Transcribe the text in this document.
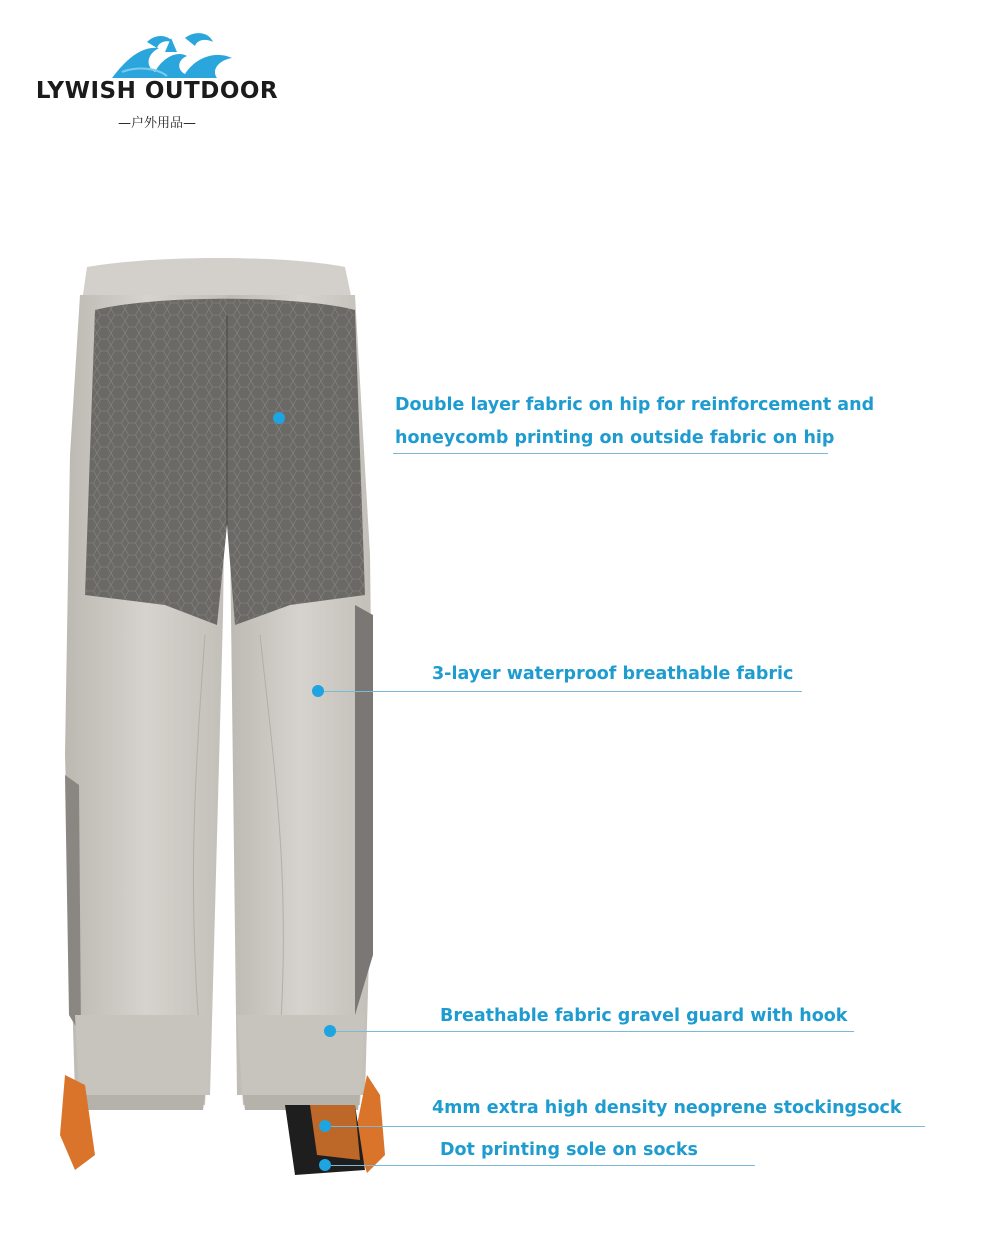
LYWISH OUTDOOR
—户外用品—
Double layer fabric on hip for reinforcement and
honeycomb printing on outside fabric on hip
3-layer waterproof breathable fabric
Breathable fabric gravel guard with hook
4mm extra high density neoprene stockingsock
Dot printing sole on socks
